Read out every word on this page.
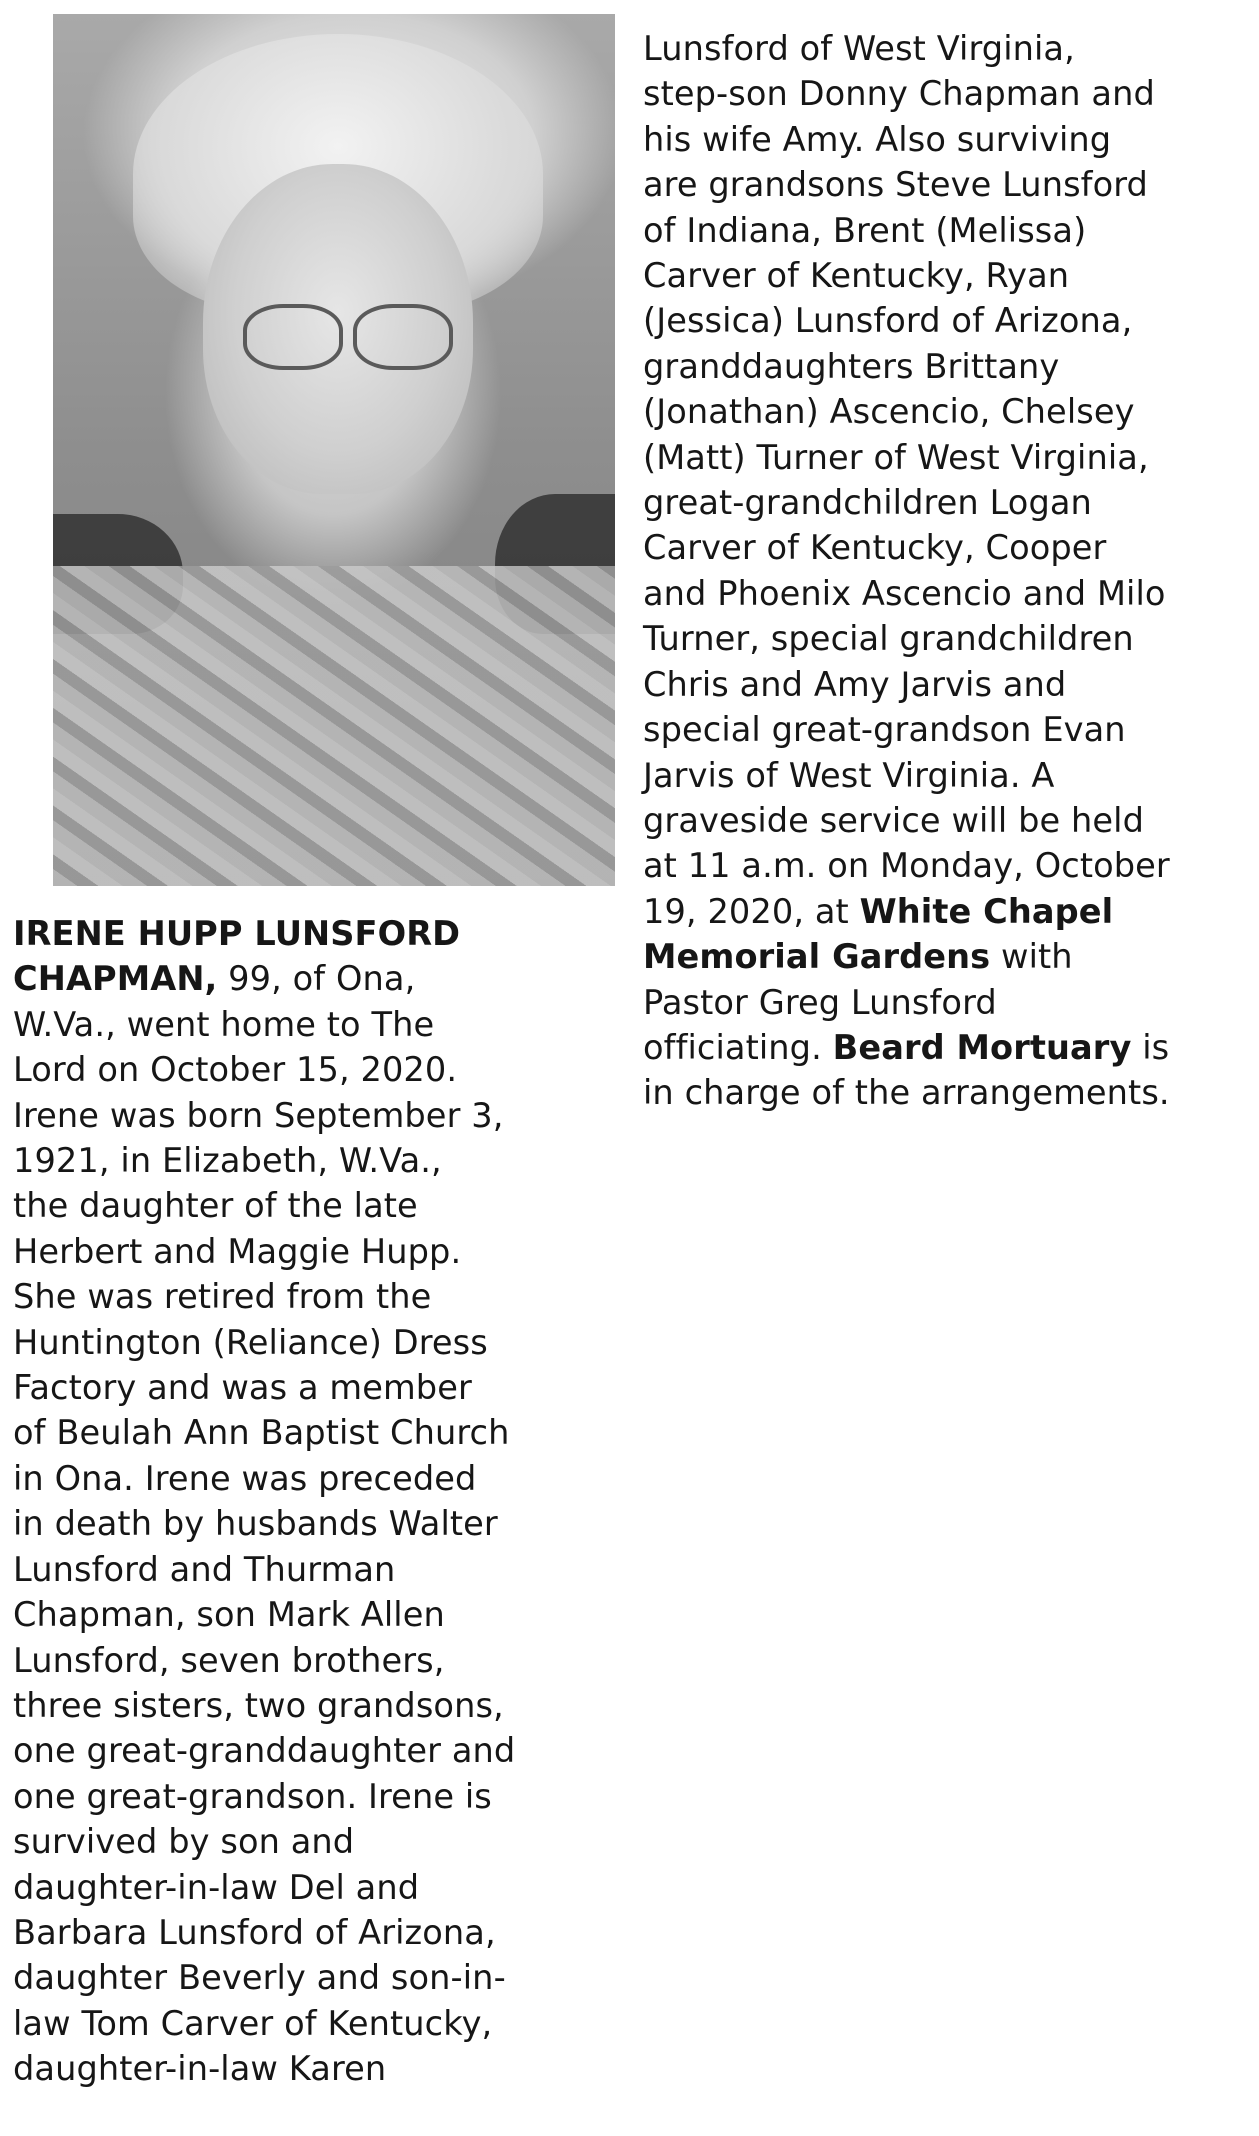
IRENE HUPP LUNSFORD
CHAPMAN, 99, of Ona,
W.Va., went home to The
Lord on October 15, 2020.
Irene was born September 3,
1921, in Elizabeth, W.Va.,
the daughter of the late
Herbert and Maggie Hupp.
She was retired from the
Huntington (Reliance) Dress
Factory and was a member
of Beulah Ann Baptist Church
in Ona. Irene was preceded
in death by husbands Walter
Lunsford and Thurman
Chapman, son Mark Allen
Lunsford, seven brothers,
three sisters, two grandsons,
one great-granddaughter and
one great-grandson. Irene is
survived by son and
daughter-in-law Del and
Barbara Lunsford of Arizona,
daughter Beverly and son-in-
law Tom Carver of Kentucky,
daughter-in-law Karen

Lunsford of West Virginia,
step-son Donny Chapman and
his wife Amy. Also surviving
are grandsons Steve Lunsford
of Indiana, Brent (Melissa)
Carver of Kentucky, Ryan
(Jessica) Lunsford of Arizona,
granddaughters Brittany
(Jonathan) Ascencio, Chelsey
(Matt) Turner of West Virginia,
great-grandchildren Logan
Carver of Kentucky, Cooper
and Phoenix Ascencio and Milo
Turner, special grandchildren
Chris and Amy Jarvis and
special great-grandson Evan
Jarvis of West Virginia. A
graveside service will be held
at 11 a.m. on Monday, October
19, 2020, at White Chapel
Memorial Gardens with
Pastor Greg Lunsford
officiating. Beard Mortuary is
in charge of the arrangements.
